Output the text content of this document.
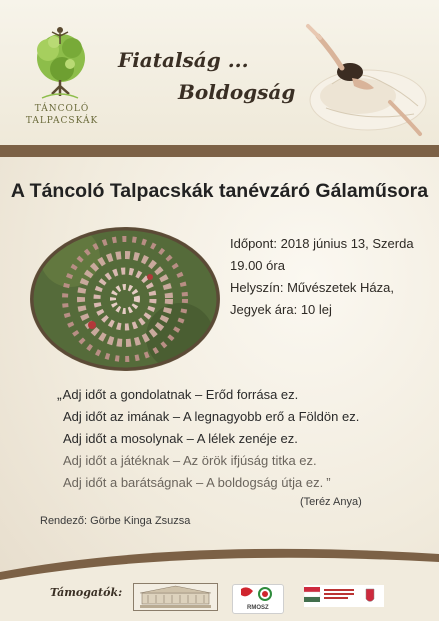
TÁNCOLÓ
TALPACSKÁK
Fiatalság ...
Boldogság
A Táncoló Talpacskák tanévzáró Gálaműsora
Időpont: 2018 június 13, Szerda
19.00 óra
Helyszín: Művészetek Háza,
Jegyek ára: 10 lej
„Adj időt a gondolatnak – Erőd forrása ez.
Adj időt az imának – A legnagyobb erő a Földön ez.
Adj időt a mosolynak – A lélek zenéje ez.
Adj időt a játéknak – Az örök ifjúság titka ez.
Adj időt a barátságnak – A boldogság útja ez. ”
(Teréz Anya)
Rendező: Görbe Kinga Zsuzsa
Támogatók:
RMOSZ
